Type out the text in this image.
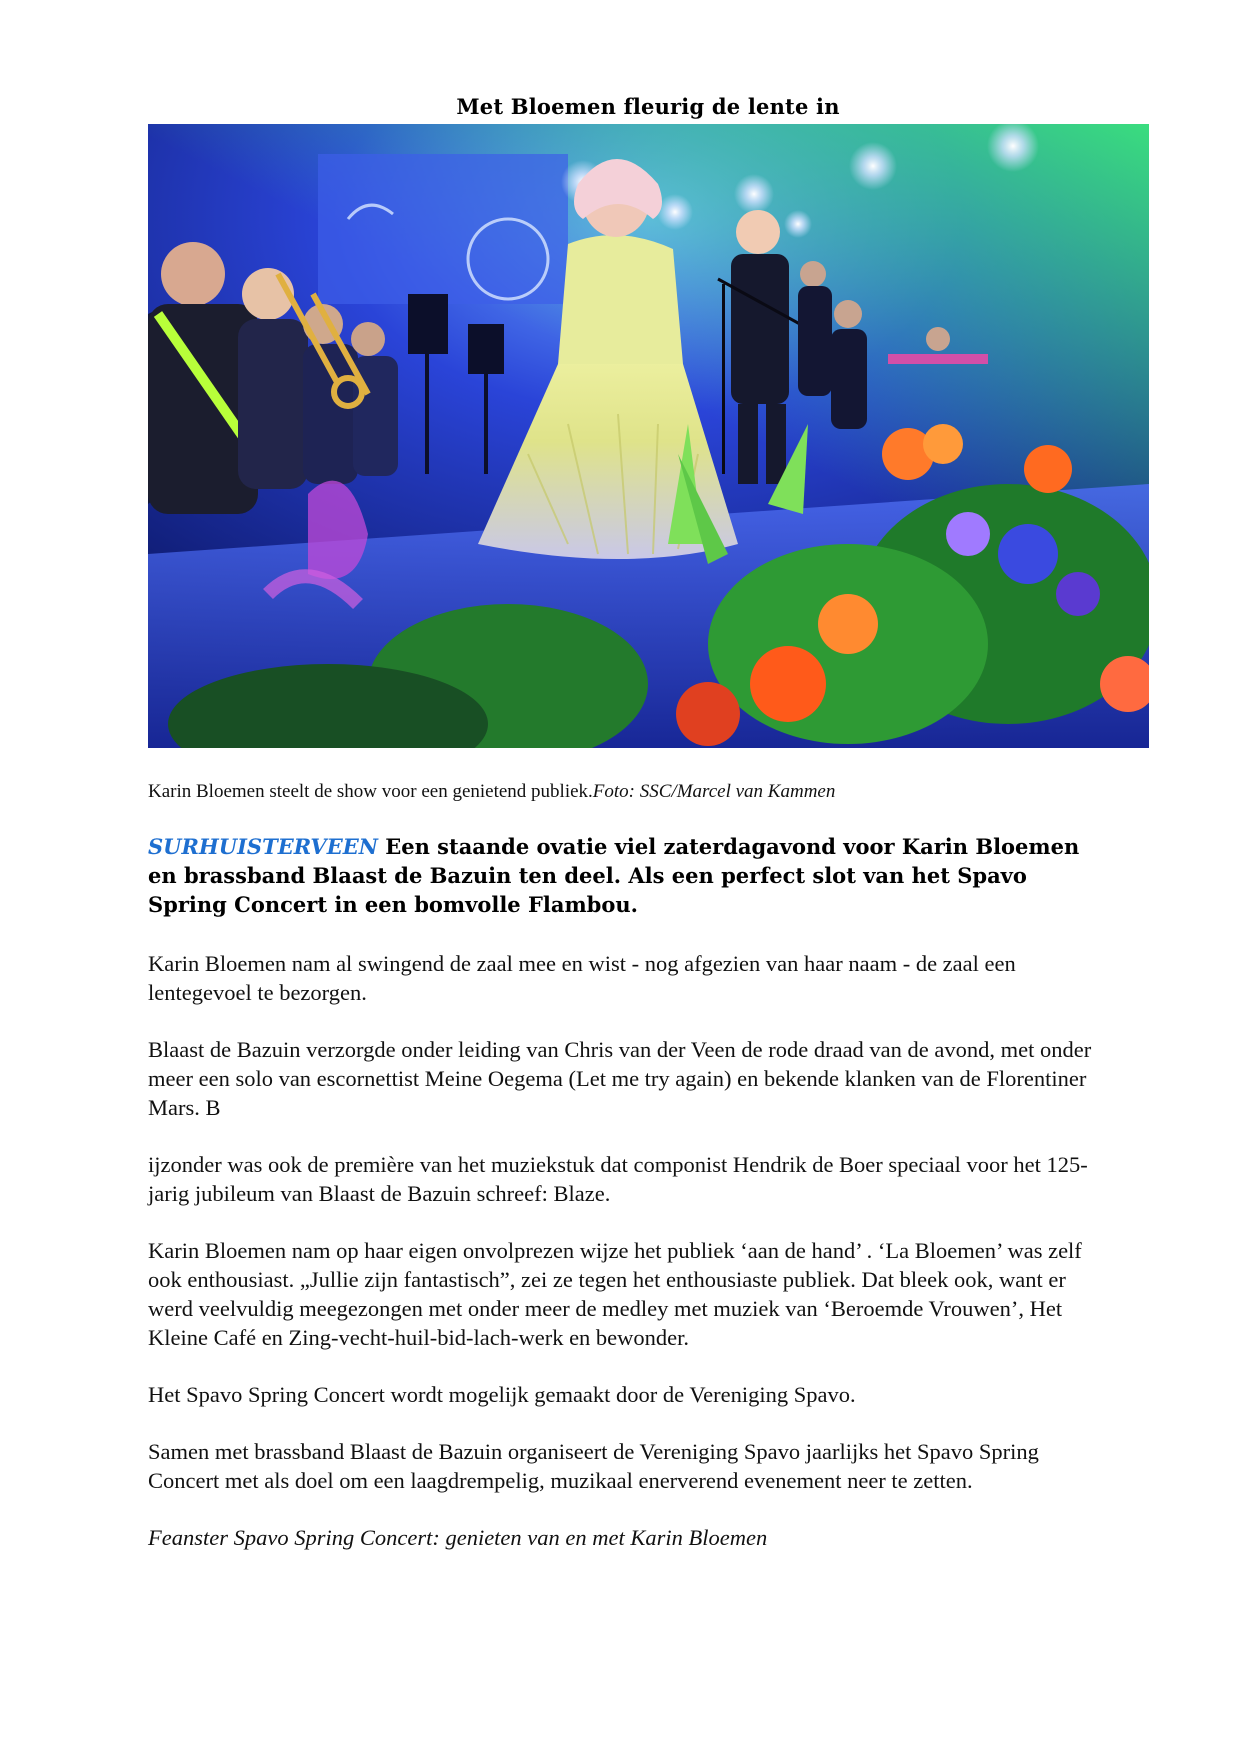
Met Bloemen fleurig de lente in
Karin Bloemen steelt de show voor een genietend publiek.Foto: SSC/Marcel van Kammen
SURHUISTERVEEN Een staande ovatie viel zaterdagavond voor Karin Bloemen en brassband Blaast de Bazuin ten deel. Als een perfect slot van het Spavo Spring Concert in een bomvolle Flambou.

Karin Bloemen nam al swingend de zaal mee en wist - nog afgezien van haar naam - de zaal een lentegevoel te bezorgen.

Blaast de Bazuin verzorgde onder leiding van Chris van der Veen de rode draad van de avond, met onder meer een solo van escornettist Meine Oegema (Let me try again) en bekende klanken van de Florentiner Mars. B

ijzonder was ook de première van het muziekstuk dat componist Hendrik de Boer speciaal voor het 125-jarig jubileum van Blaast de Bazuin schreef: Blaze.

Karin Bloemen nam op haar eigen onvolprezen wijze het publiek ‘aan de hand’ . ‘La Bloemen’ was zelf ook enthousiast. „Jullie zijn fantastisch”, zei ze tegen het enthousiaste publiek. Dat bleek ook, want er werd veelvuldig meegezongen met onder meer de medley met muziek van ‘Beroemde Vrouwen’, Het Kleine Café en Zing-vecht-huil-bid-lach-werk en bewonder.

Het Spavo Spring Concert wordt mogelijk gemaakt door de Vereniging Spavo.

Samen met brassband Blaast de Bazuin organiseert de Vereniging Spavo jaarlijks het Spavo Spring Concert met als doel om een laagdrempelig, muzikaal enerverend evenement neer te zetten.

Feanster Spavo Spring Concert: genieten van en met Karin Bloemen
